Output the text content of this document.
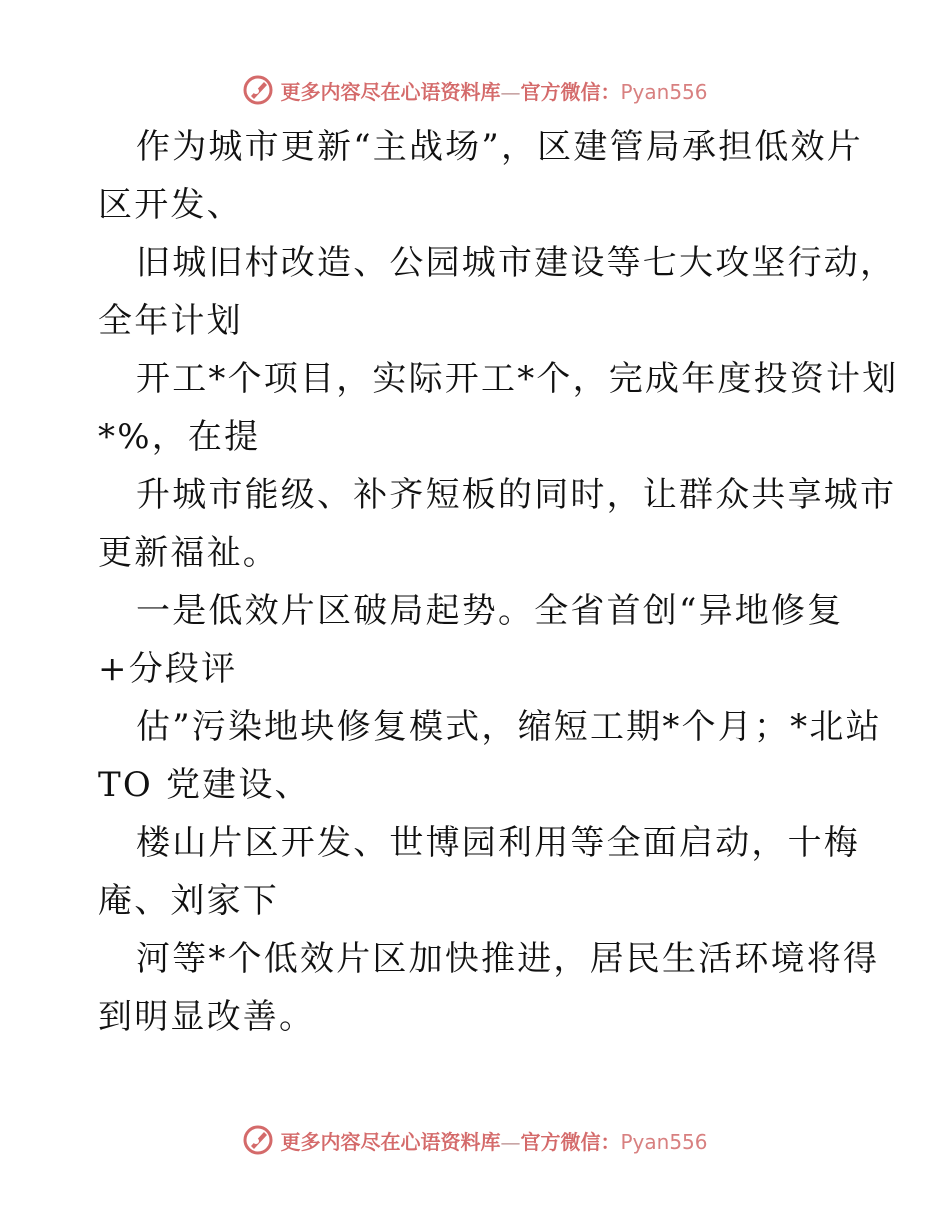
更多内容尽在心语资料库—官方微信：Pyan556
作为城市更新“主战场”，区建管局承担低效片
区开发、
旧城旧村改造、公园城市建设等七大攻坚行动，
全年计划
开工*个项目，实际开工*个，完成年度投资计划
*%，在提
升城市能级、补齐短板的同时，让群众共享城市
更新福祉。
一是低效片区破局起势。全省首创“异地修复
+分段评
估”污染地块修复模式，缩短工期*个月；*北站
TO 党建设、
楼山片区开发、世博园利用等全面启动，十梅
庵、刘家下
河等*个低效片区加快推进，居民生活环境将得
到明显改善。
更多内容尽在心语资料库—官方微信：Pyan556
